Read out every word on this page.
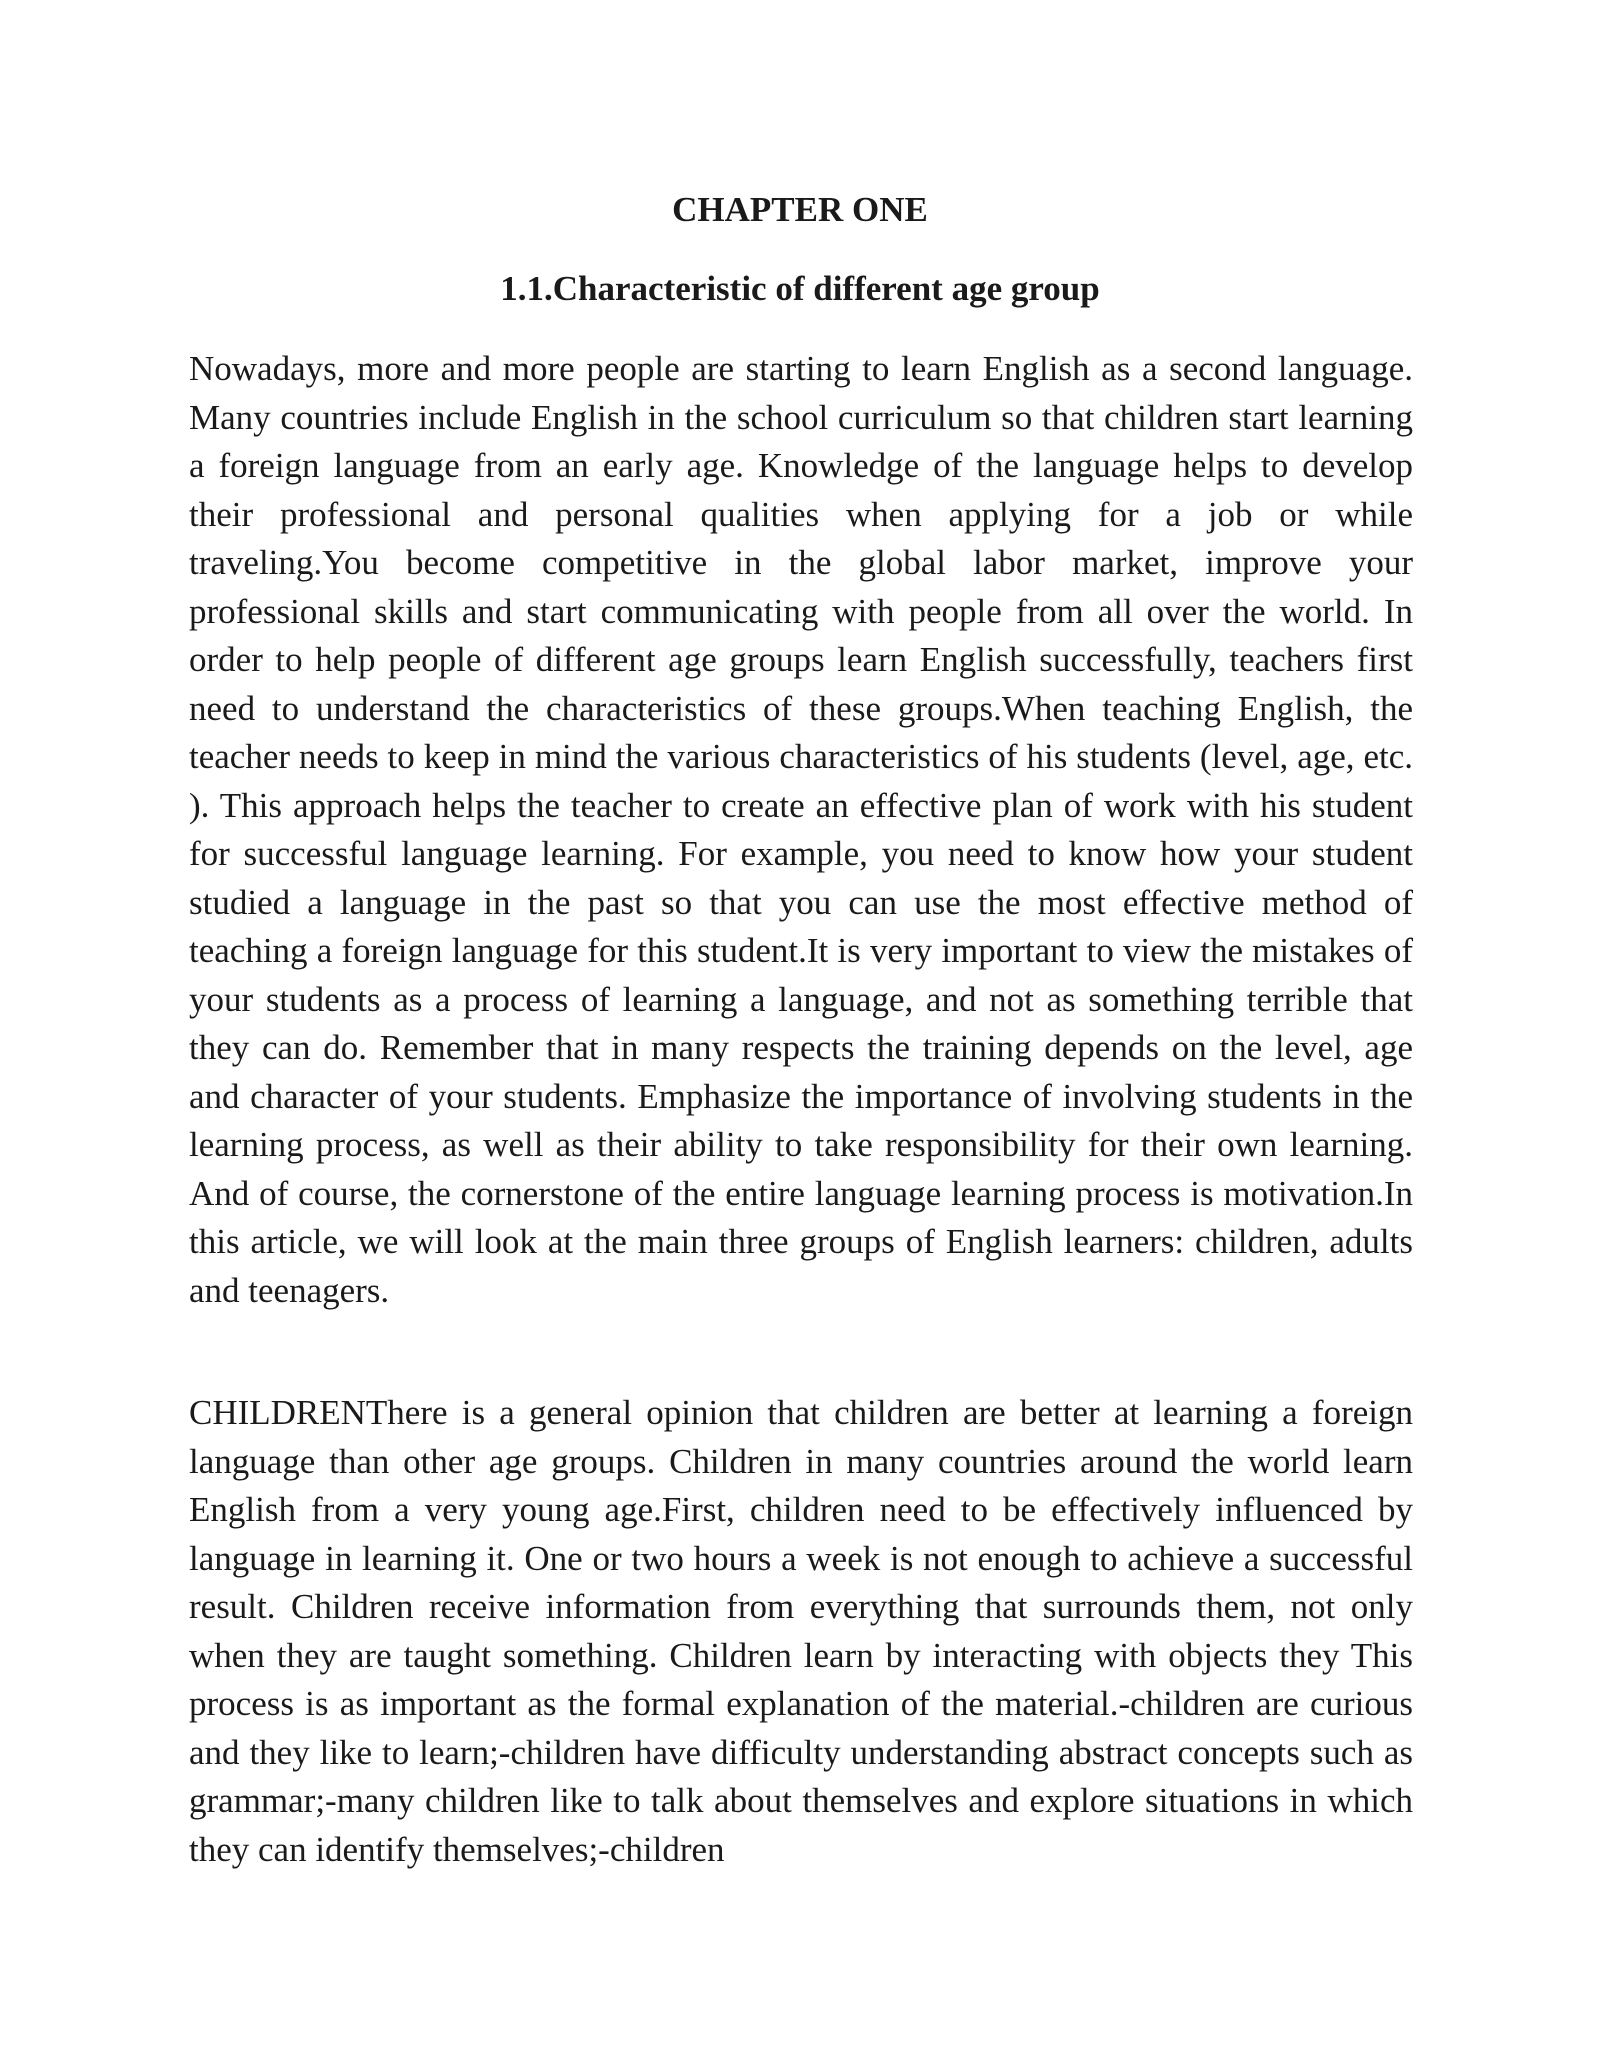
CHAPTER ONE
1.1.Characteristic of different age group

Nowadays, more and more people are starting to learn English as a second language. Many countries include English in the school curriculum so that children start learning a foreign language from an early age. Knowledge of the language helps to develop their professional and personal qualities when applying for a job or while traveling.You become competitive in the global labor market, improve your professional skills and start communicating with people from all over the world. In order to help people of different age groups learn English successfully, teachers first need to understand the characteristics of these groups.When teaching English, the teacher needs to keep in mind the various characteristics of his students (level, age, etc. ). This approach helps the teacher to create an effective plan of work with his student for successful language learning. For example, you need to know how your student studied a language in the past so that you can use the most effective method of teaching a foreign language for this student.It is very important to view the mistakes of your students as a process of learning a language, and not as something terrible that they can do. Remember that in many respects the training depends on the level, age and character of your students. Emphasize the importance of involving students in the learning process, as well as their ability to take responsibility for their own learning. And of course, the cornerstone of the entire language learning process is motivation.In this article, we will look at the main three groups of English learners: children, adults and teenagers.

CHILDRENThere is a general opinion that children are better at learning a foreign language than other age groups. Children in many countries around the world learn English from a very young age.First, children need to be effectively influenced by language in learning it. One or two hours a week is not enough to achieve a successful result. Children receive information from everything that surrounds them, not only when they are taught something. Children learn by interacting with objects they This process is as important as the formal explanation of the material.-children are curious and they like to learn;-children have difficulty understanding abstract concepts such as grammar;-many children like to talk about themselves and explore situations in which they can identify themselves;-children
